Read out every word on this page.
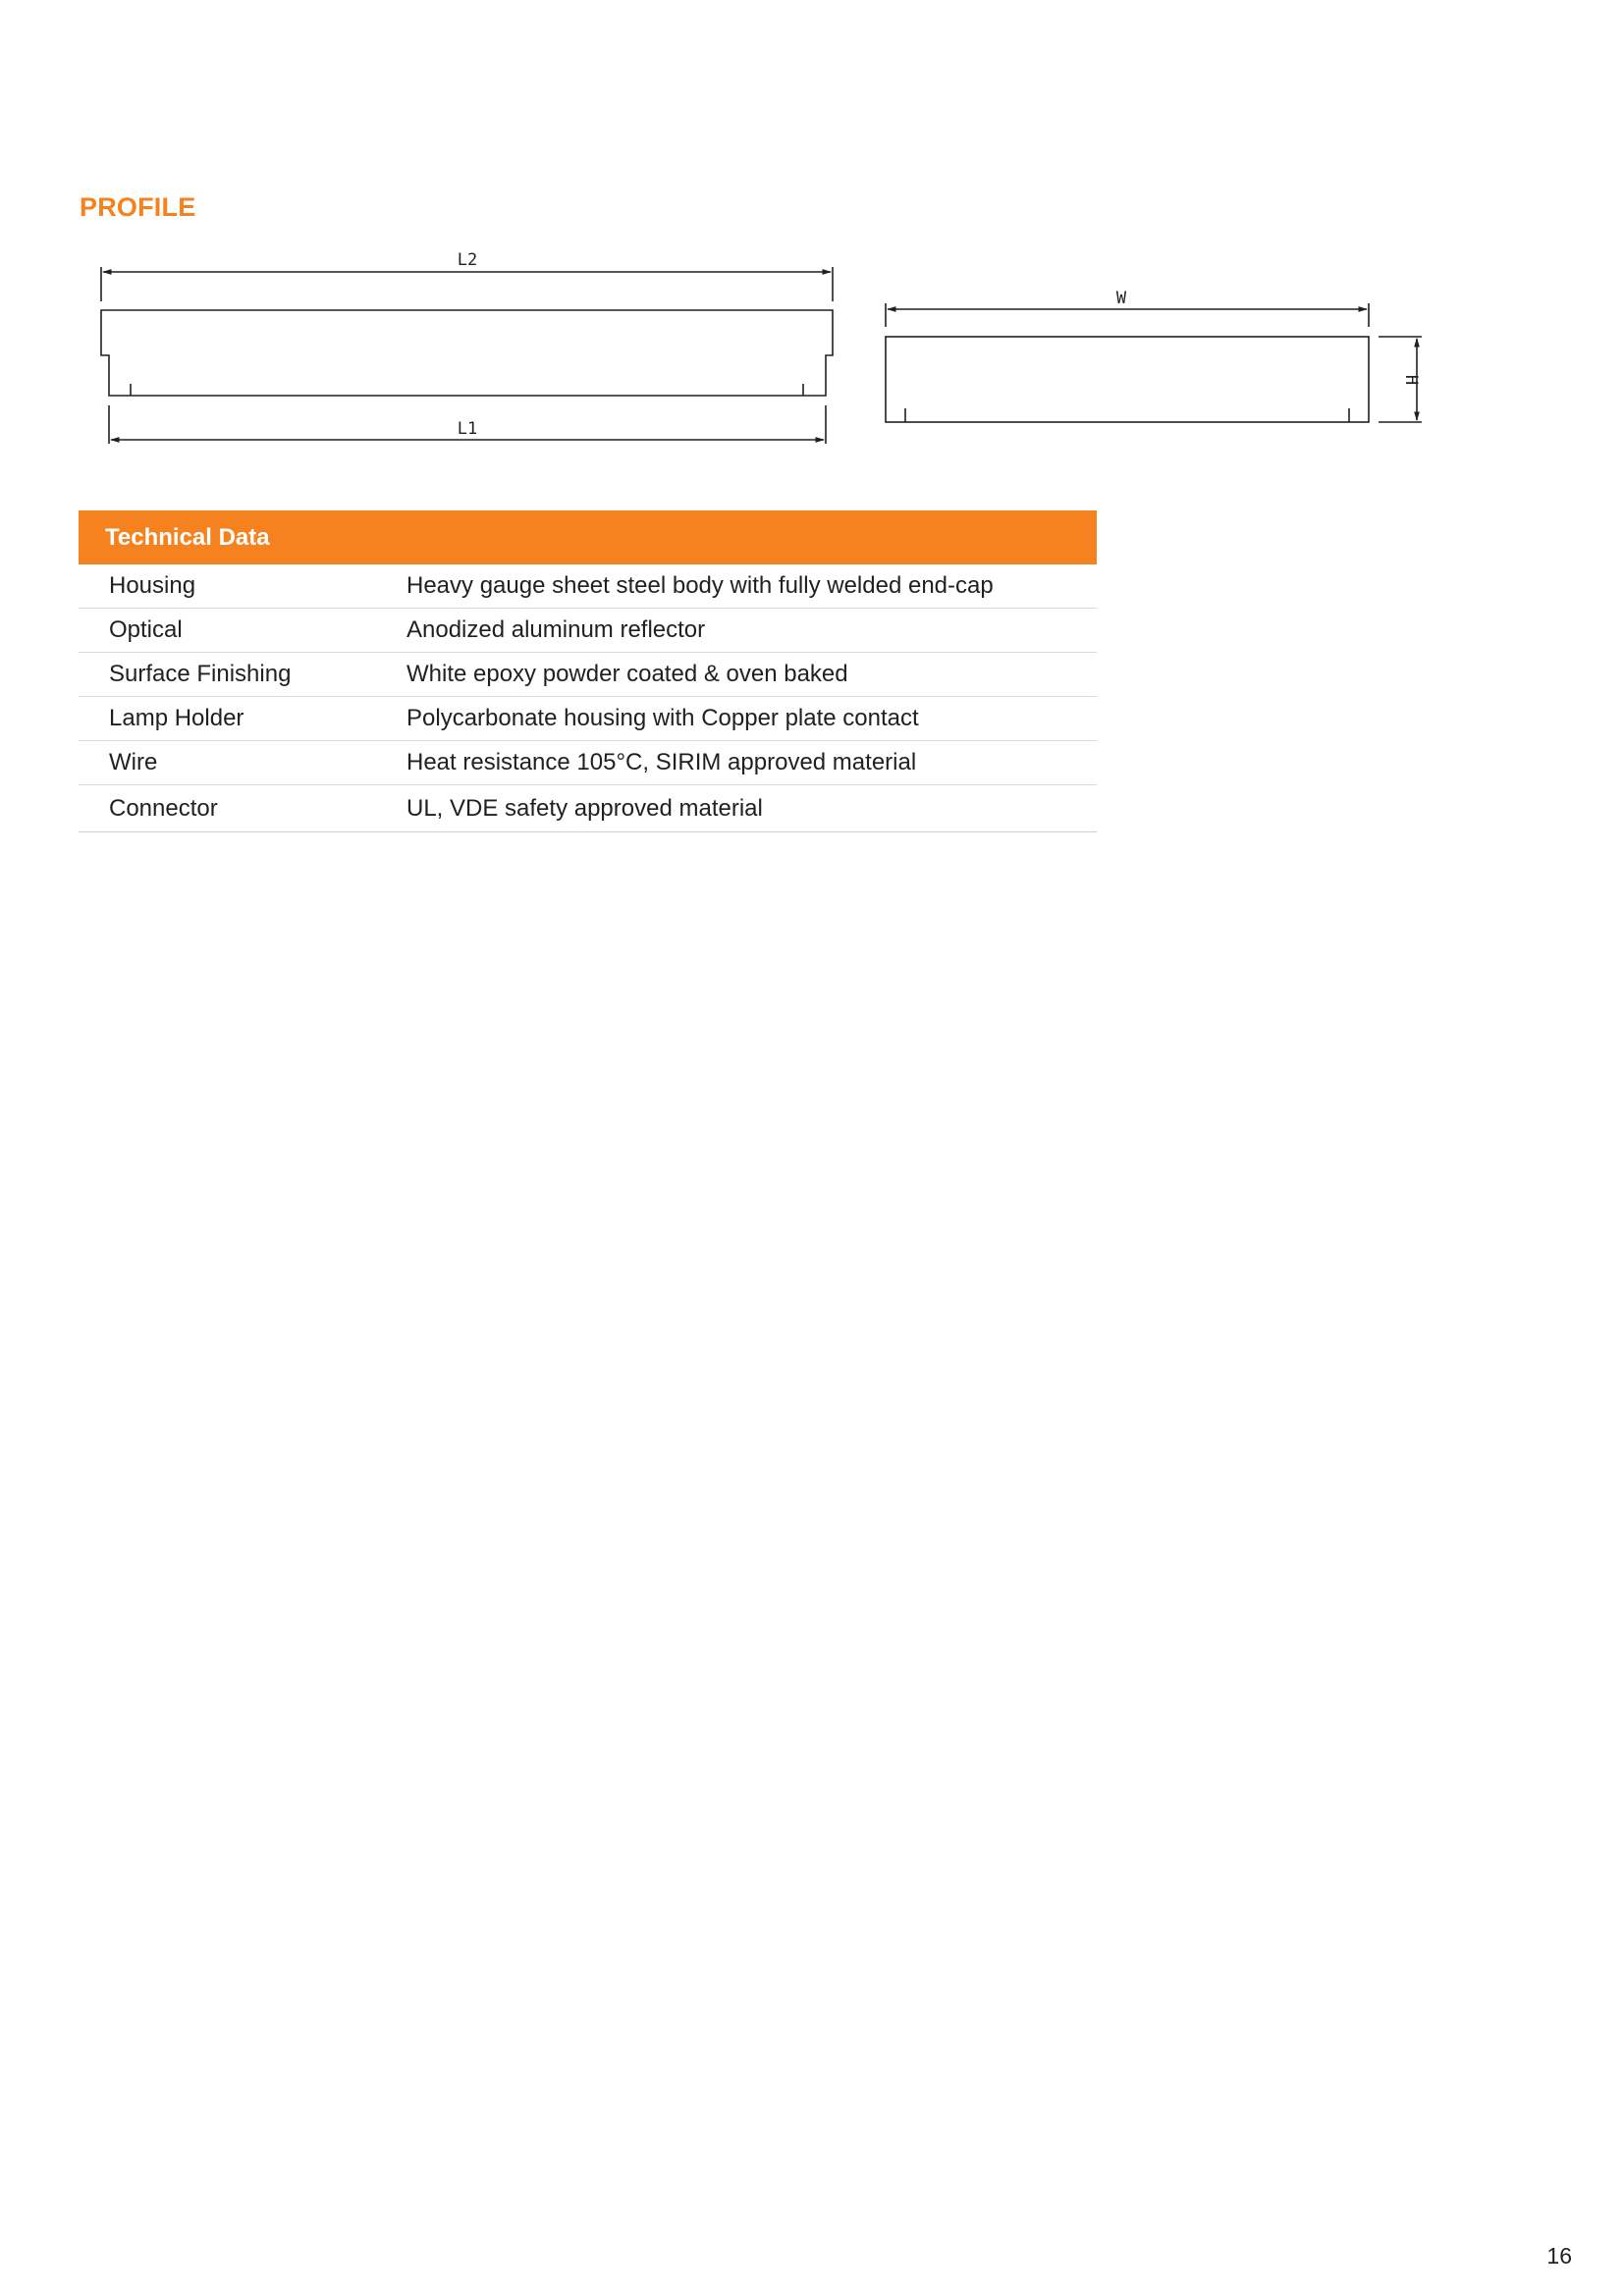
PROFILE
L2
L1
W
H
Technical Data	
Housing	Heavy gauge sheet steel body with fully welded end-cap
Optical	Anodized aluminum reflector
Surface Finishing	White epoxy powder coated & oven baked
Lamp Holder	Polycarbonate housing with Copper plate contact
Wire	Heat resistance 105°C, SIRIM approved material
Connector	UL, VDE safety approved material
16
